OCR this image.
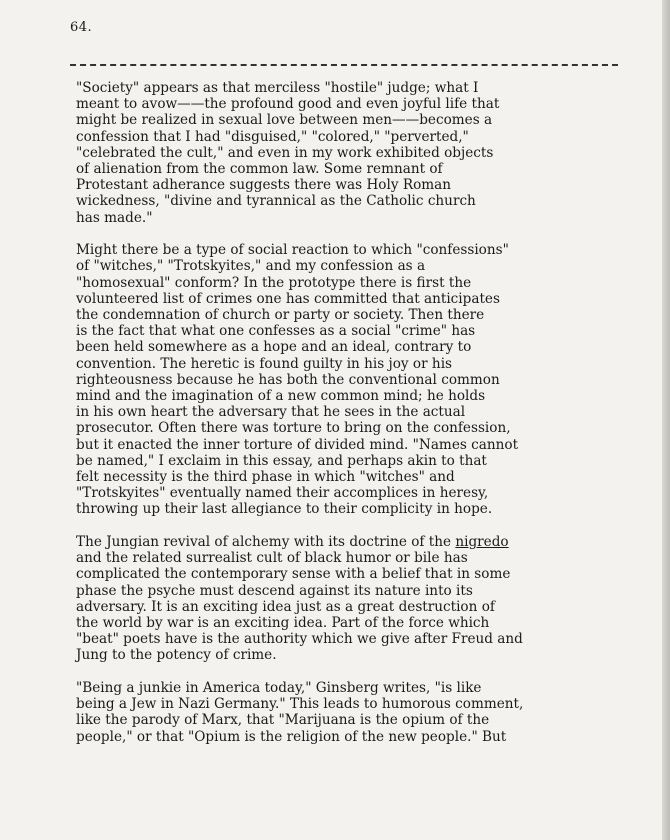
64.
"Society" appears as that merciless "hostile" judge; what I
meant to avow——the profound good and even joyful life that
might be realized in sexual love between men——becomes a
confession that I had "disguised," "colored," "perverted,"
"celebrated the cult," and even in my work exhibited objects
of alienation from the common law. Some remnant of
Protestant adherance suggests there was Holy Roman
wickedness, "divine and tyrannical as the Catholic church
has made."
Might there be a type of social reaction to which "confessions"
of "witches," "Trotskyites," and my confession as a
"homosexual" conform? In the prototype there is first the
volunteered list of crimes one has committed that anticipates
the condemnation of church or party or society. Then there
is the fact that what one confesses as a social "crime" has
been held somewhere as a hope and an ideal, contrary to
convention. The heretic is found guilty in his joy or his
righteousness because he has both the conventional common
mind and the imagination of a new common mind; he holds
in his own heart the adversary that he sees in the actual
prosecutor. Often there was torture to bring on the confession,
but it enacted the inner torture of divided mind. "Names cannot
be named," I exclaim in this essay, and perhaps akin to that
felt necessity is the third phase in which "witches" and
"Trotskyites" eventually named their accomplices in heresy,
throwing up their last allegiance to their complicity in hope.
The Jungian revival of alchemy with its doctrine of the nigredo
and the related surrealist cult of black humor or bile has
complicated the contemporary sense with a belief that in some
phase the psyche must descend against its nature into its
adversary. It is an exciting idea just as a great destruction of
the world by war is an exciting idea. Part of the force which
"beat" poets have is the authority which we give after Freud and
Jung to the potency of crime.
"Being a junkie in America today," Ginsberg writes, "is like
being a Jew in Nazi Germany." This leads to humorous comment,
like the parody of Marx, that "Marijuana is the opium of the
people," or that "Opium is the religion of the new people." But
